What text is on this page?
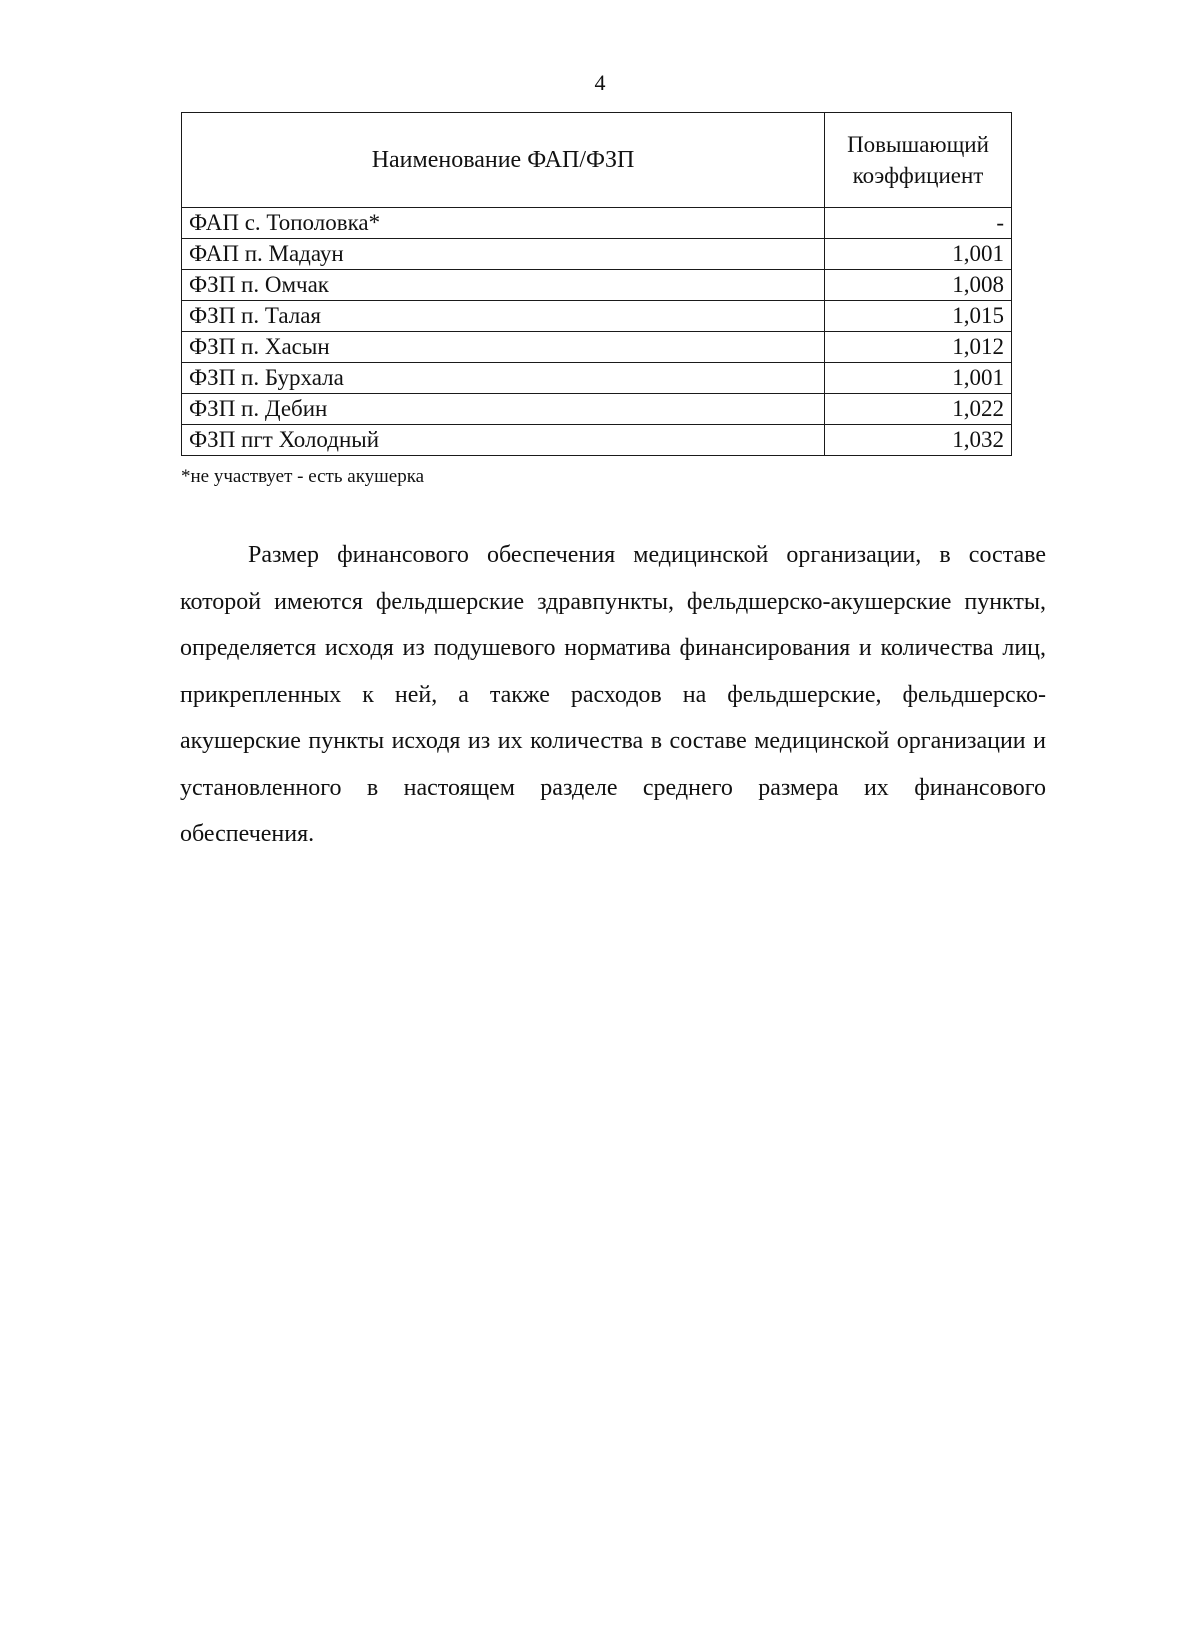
4
Наименование ФАП/ФЗП	Повышающий коэффициент
ФАП с. Тополовка*	-
ФАП п. Мадаун	1,001
ФЗП п. Омчак	1,008
ФЗП п. Талая	1,015
ФЗП п. Хасын	1,012
ФЗП п. Бурхала	1,001
ФЗП п. Дебин	1,022
ФЗП пгт Холодный	1,032
*не участвует - есть акушерка

Размер финансового обеспечения медицинской организации, в составе которой имеются фельдшерские здравпункты, фельдшерско-акушерские пункты, определяется исходя из подушевого норматива финансирования и количества лиц, прикрепленных к ней, а также расходов на фельдшерские, фельдшерско-акушерские пункты исходя из их количества в составе медицинской организации и установленного в настоящем разделе среднего размера их финансового обеспечения.
